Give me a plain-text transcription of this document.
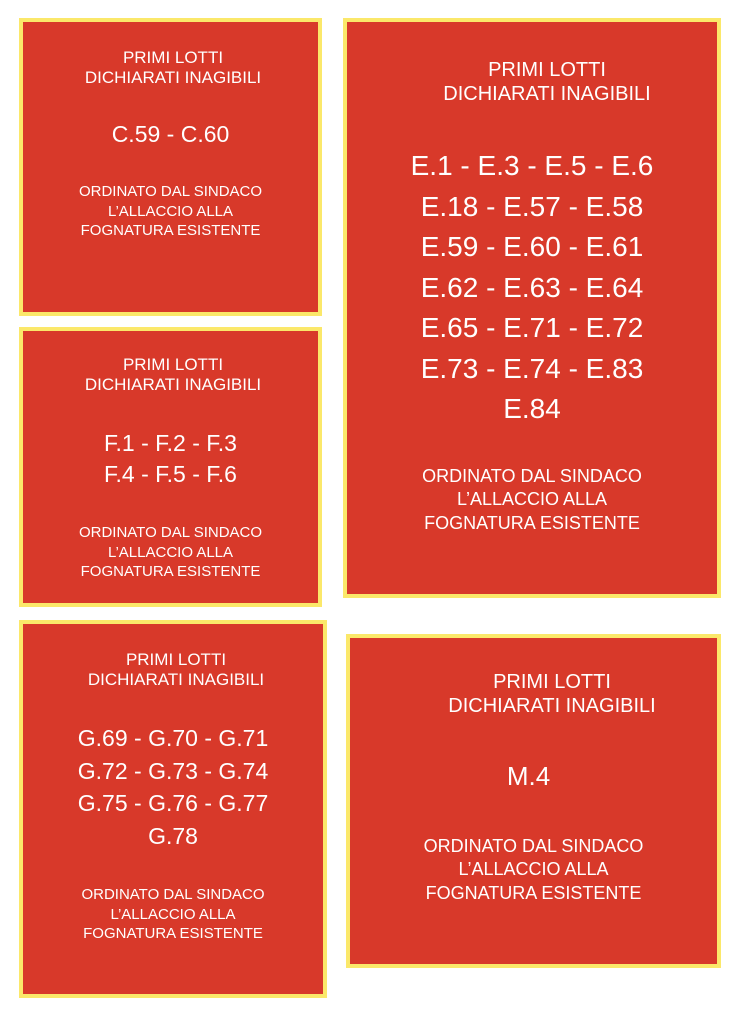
PRIMI LOTTI
DICHIARATI INAGIBILI
C.59 - C.60
ORDINATO DAL SINDACO
L’ALLACCIO ALLA
FOGNATURA ESISTENTE
PRIMI LOTTI
DICHIARATI INAGIBILI
E.1 - E.3 - E.5 - E.6
E.18 - E.57 - E.58
E.59 - E.60 - E.61
E.62 - E.63 - E.64
E.65 - E.71 - E.72
E.73 - E.74 - E.83
E.84
ORDINATO DAL SINDACO
L’ALLACCIO ALLA
FOGNATURA ESISTENTE
PRIMI LOTTI
DICHIARATI INAGIBILI
F.1 - F.2 - F.3
F.4 - F.5 - F.6
ORDINATO DAL SINDACO
L’ALLACCIO ALLA
FOGNATURA ESISTENTE
PRIMI LOTTI
DICHIARATI INAGIBILI
G.69 - G.70 - G.71
G.72 - G.73 - G.74
G.75 - G.76 - G.77
G.78
ORDINATO DAL SINDACO
L’ALLACCIO ALLA
FOGNATURA ESISTENTE
PRIMI LOTTI
DICHIARATI INAGIBILI
M.4
ORDINATO DAL SINDACO
L’ALLACCIO ALLA
FOGNATURA ESISTENTE
